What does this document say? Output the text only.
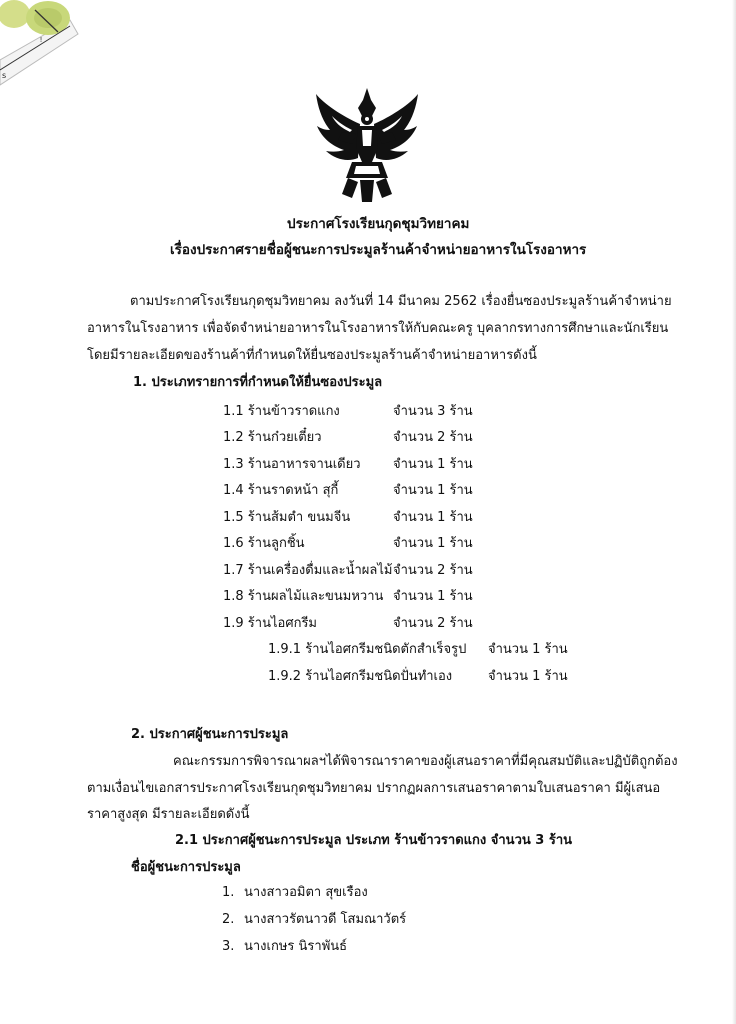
ǃ
s
ประกาศโรงเรียนกุดชุมวิทยาคม
เรื่องประกาศรายชื่อผู้ชนะการประมูลร้านค้าจำหน่ายอาหารในโรงอาหาร
ตามประกาศโรงเรียนกุดชุมวิทยาคม ลงวันที่ 14 มีนาคม 2562 เรื่องยื่นซองประมูลร้านค้าจำหน่าย
อาหารในโรงอาหาร เพื่อจัดจำหน่ายอาหารในโรงอาหารให้กับคณะครู บุคลากรทางการศึกษาและนักเรียน
โดยมีรายละเอียดของร้านค้าที่กำหนดให้ยื่นซองประมูลร้านค้าจำหน่ายอาหารดังนี้
1. ประเภทรายการที่กำหนดให้ยื่นซองประมูล
1.1 ร้านข้าวราดแกง	จำนวน 3 ร้าน
1.2 ร้านก๋วยเตี๋ยว	จำนวน 2 ร้าน
1.3 ร้านอาหารจานเดียว จำนวน 1 ร้าน
1.4 ร้านราดหน้า สุกี้	จำนวน 1 ร้าน
1.5 ร้านส้มตำ ขนมจีน	จำนวน 1 ร้าน
1.6 ร้านลูกชิ้น	จำนวน 1 ร้าน
1.7 ร้านเครื่องดื่มและน้ำผลไม้จำนวน 2 ร้าน
1.8 ร้านผลไม้และขนมหวาน จำนวน 1 ร้าน
1.9 ร้านไอศกรีม	จำนวน 2 ร้าน
1.9.1 ร้านไอศกรีมชนิดตักสำเร็จรูป จำนวน 1 ร้าน
1.9.2 ร้านไอศกรีมชนิดปั่นทำเอง	จำนวน 1 ร้าน
2. ประกาศผู้ชนะการประมูล
คณะกรรมการพิจารณาผลฯได้พิจารณาราคาของผู้เสนอราคาที่มีคุณสมบัติและปฏิบัติถูกต้อง
ตามเงื่อนไขเอกสารประกาศโรงเรียนกุดชุมวิทยาคม ปรากฏผลการเสนอราคาตามใบเสนอราคา มีผู้เสนอ
ราคาสูงสุด มีรายละเอียดดังนี้
2.1 ประกาศผู้ชนะการประมูล ประเภท ร้านข้าวราดแกง จำนวน 3 ร้าน
ชื่อผู้ชนะการประมูล
1. นางสาวอมิตา สุขเรือง
2. นางสาวรัตนาวดี โสมณาวัตร์
3. นางเกษร นิราพันธ์
